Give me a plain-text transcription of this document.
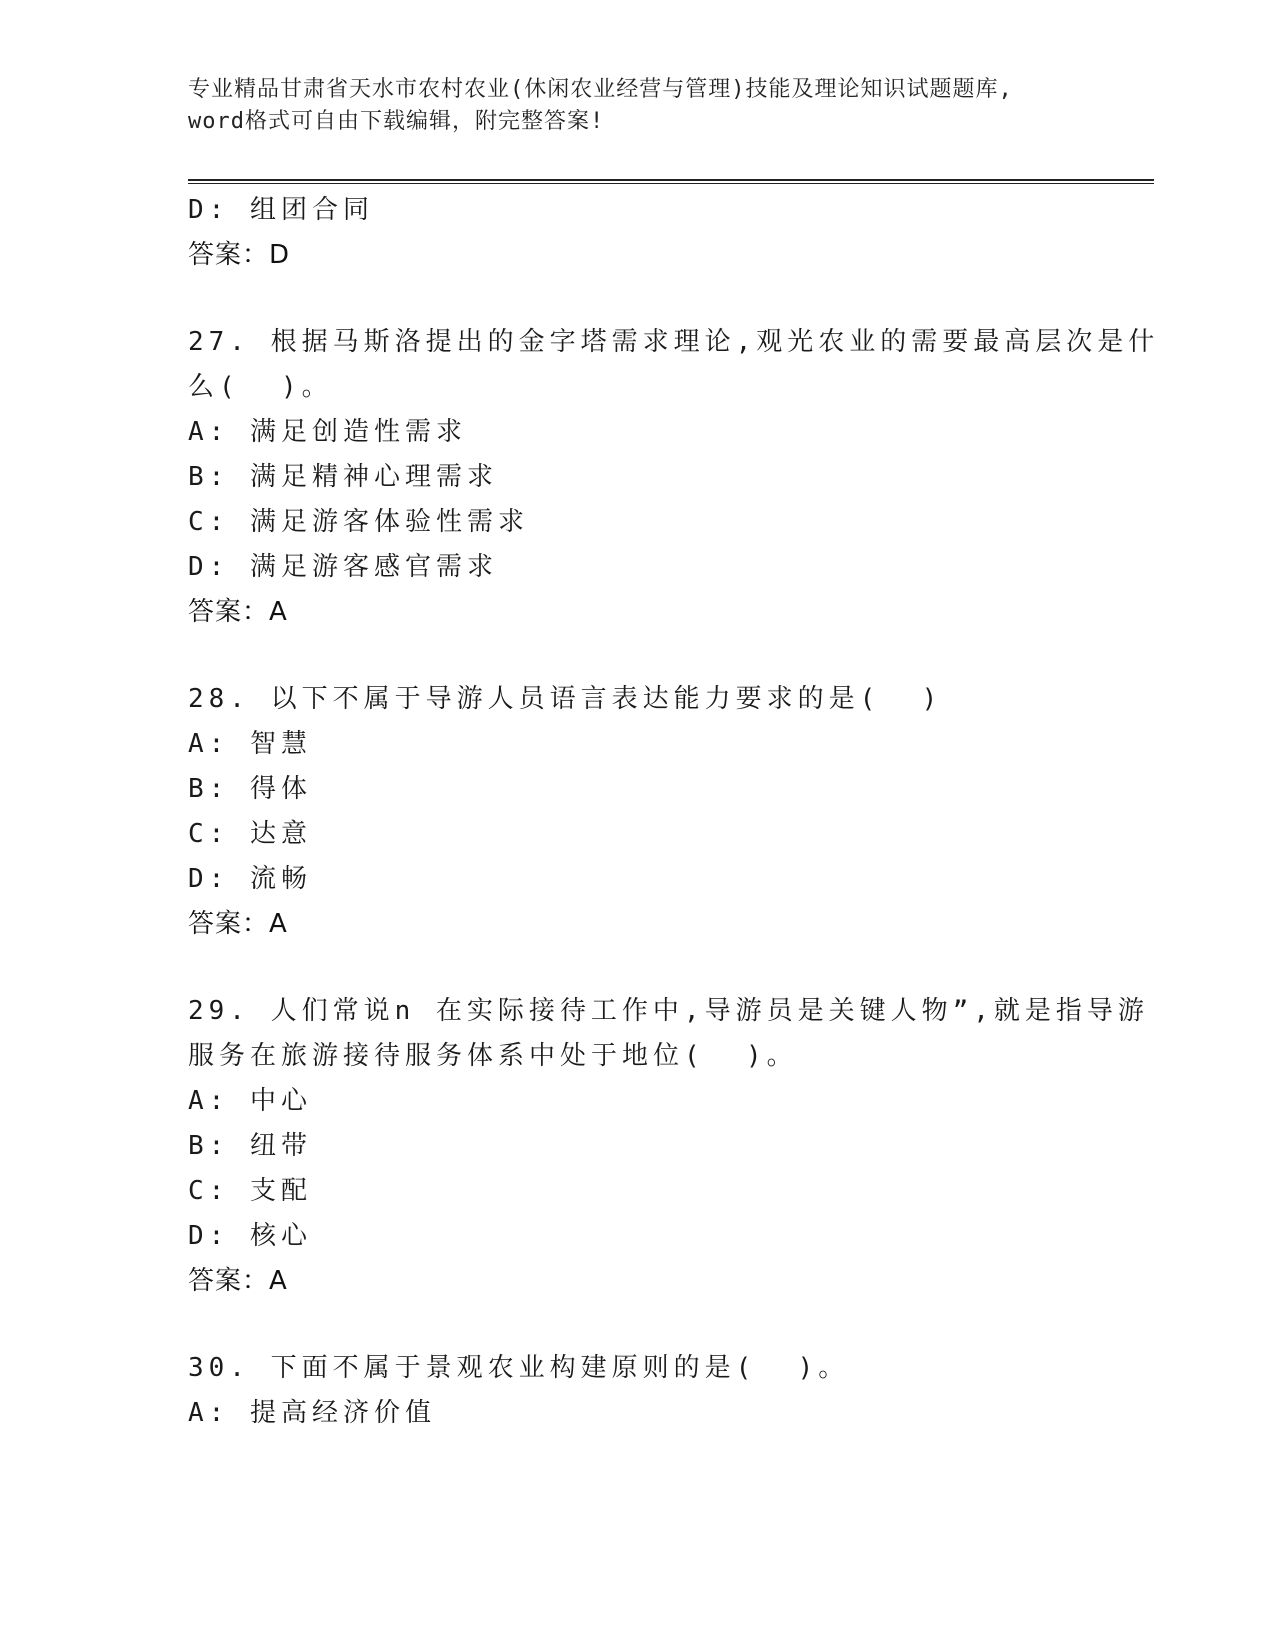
专业精品甘肃省天水市农村农业(休闲农业经营与管理)技能及理论知识试题题库,
word格式可自由下载编辑，附完整答案!
D: 组团合同
答案：D
27. 根据马斯洛提出的金字塔需求理论,观光农业的需要最高层次是什
么(  )。
A: 满足创造性需求
B: 满足精神心理需求
C: 满足游客体验性需求
D: 满足游客感官需求
答案：A
28. 以下不属于导游人员语言表达能力要求的是(  )
A: 智慧
B: 得体
C: 达意
D: 流畅
答案：A
29. 人们常说n 在实际接待工作中,导游员是关键人物”,就是指导游
服务在旅游接待服务体系中处于地位(  )。
A: 中心
B: 纽带
C: 支配
D: 核心
答案：A
30. 下面不属于景观农业构建原则的是(  )。
A: 提高经济价值
